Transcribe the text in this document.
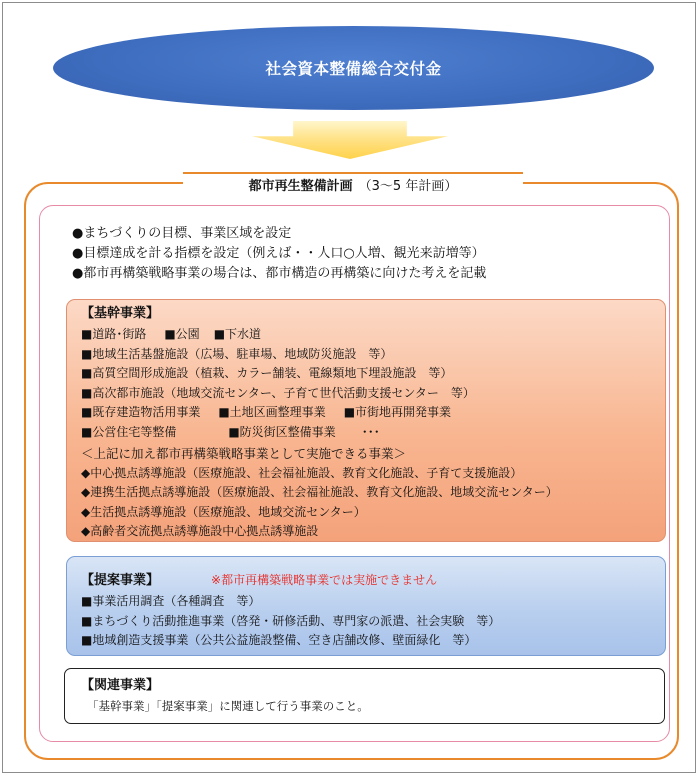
社会資本整備総合交付金
都市再生整備計画 （3～5 年計画）
●まちづくりの目標、事業区域を設定
●目標達成を計る指標を設定（例えば・・人口○人増、観光来訪増等）
●都市再構築戦略事業の場合は、都市構造の再構築に向けた考えを記載
【基幹事業】
■道路･街路 ■公園 ■下水道
■地域生活基盤施設（広場、駐車場、地域防災施設　等）
■高質空間形成施設（植栽、カラー舗装、電線類地下埋設施設　等）
■高次都市施設（地域交流センター、子育て世代活動支援センター　等）
■既存建造物活用事業 ■土地区画整理事業 ■市街地再開発事業
■公営住宅等整備	■防災街区整備事業 ･･･
＜上記に加え都市再構築戦略事業として実施できる事業＞
◆中心拠点誘導施設（医療施設、社会福祉施設、教育文化施設、子育て支援施設）
◆連携生活拠点誘導施設（医療施設、社会福祉施設、教育文化施設、地域交流センター）
◆生活拠点誘導施設（医療施設、地域交流センター）
◆高齢者交流拠点誘導施設中心拠点誘導施設
【提案事業】	※都市再構築戦略事業では実施できません
■事業活用調査（各種調査　等）
■まちづくり活動推進事業（啓発・研修活動、専門家の派遣、社会実験　等）
■地域創造支援事業（公共公益施設整備、空き店舗改修、壁面緑化　等）
【関連事業】
「基幹事業」「提案事業」に関連して行う事業のこと。
